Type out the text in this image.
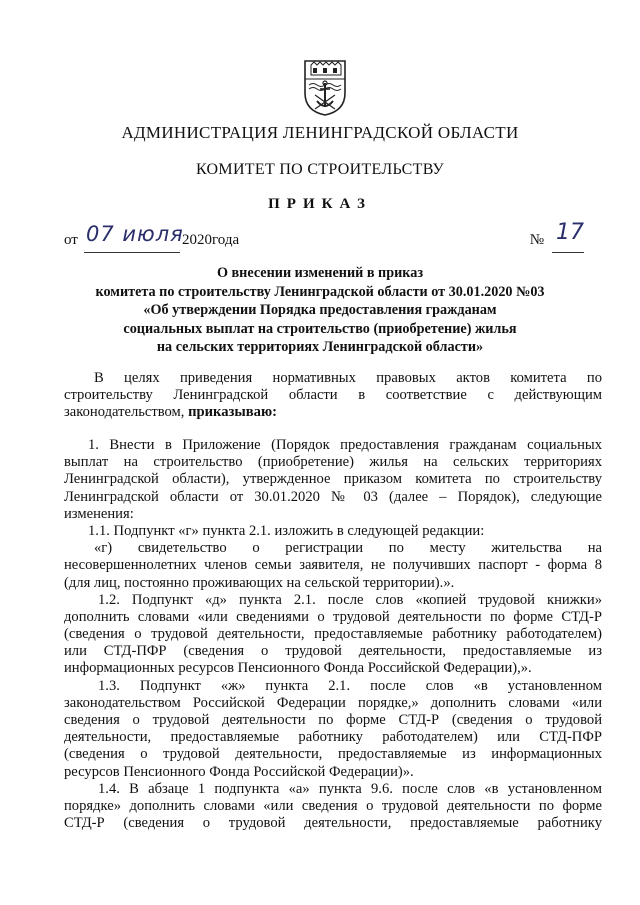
АДМИНИСТРАЦИЯ ЛЕНИНГРАДСКОЙ ОБЛАСТИ
КОМИТЕТ ПО СТРОИТЕЛЬСТВУ
ПРИКАЗ
от 07 июля
2020года	№ 17
О внесении изменений в приказ
комитета по строительству Ленинградской области от 30.01.2020 №03
«Об утверждении Порядка предоставления гражданам
социальных выплат на строительство (приобретение) жилья
на сельских территориях Ленинградской области»
В целях приведения нормативных правовых актов комитета по
строительству Ленинградской области в соответствие с действующим
законодательством, приказываю:
1. Внести в Приложение (Порядок предоставления гражданам социальных
выплат на строительство (приобретение) жилья на сельских территориях
Ленинградской области), утвержденное приказом комитета по строительству
Ленинградской области от 30.01.2020 № 03 (далее – Порядок), следующие
изменения:
1.1. Подпункт «г» пункта 2.1. изложить в следующей редакции:
«г) свидетельство о регистрации по месту жительства на
несовершеннолетних членов семьи заявителя, не получивших паспорт - форма 8
(для лиц, постоянно проживающих на сельской территории).».
1.2. Подпункт «д» пункта 2.1. после слов «копией трудовой книжки»
дополнить словами «или сведениями о трудовой деятельности по форме СТД-Р
(сведения о трудовой деятельности, предоставляемые работнику работодателем)
или СТД-ПФР (сведения о трудовой деятельности, предоставляемые из
информационных ресурсов Пенсионного Фонда Российской Федерации),».
1.3. Подпункт «ж» пункта 2.1. после слов «в установленном
законодательством Российской Федерации порядке,» дополнить словами «или
сведения о трудовой деятельности по форме СТД-Р (сведения о трудовой
деятельности, предоставляемые работнику работодателем) или СТД-ПФР
(сведения о трудовой деятельности, предоставляемые из информационных
ресурсов Пенсионного Фонда Российской Федерации)».
1.4. В абзаце 1 подпункта «а» пункта 9.6. после слов «в установленном
порядке» дополнить словами «или сведения о трудовой деятельности по форме
СТД-Р (сведения о трудовой деятельности, предоставляемые работнику
